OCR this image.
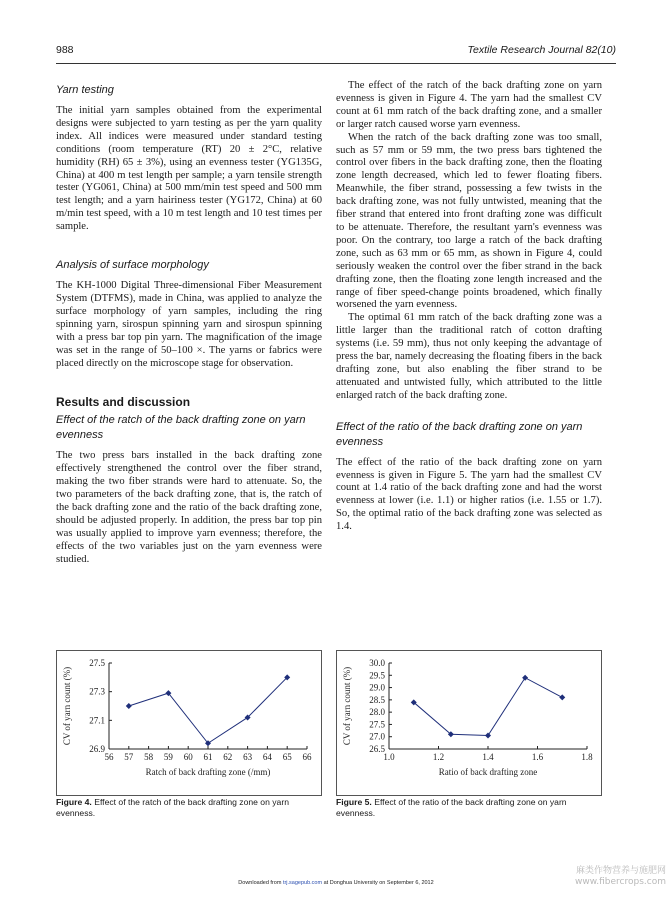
988	Textile Research Journal 82(10)
Yarn testing

The initial yarn samples obtained from the experimental designs were subjected to yarn testing as per the yarn quality index. All indices were measured under standard testing conditions (room temperature (RT) 20 ± 2°C, relative humidity (RH) 65 ± 3%), using an evenness tester (YG135G, China) at 400 m test length per sample; a yarn tensile strength tester (YG061, China) at 500 mm/min test speed and 500 mm test length; and a yarn hairiness tester (YG172, China) at 60 m/min test speed, with a 10 m test length and 10 test times per sample.

Analysis of surface morphology

The KH-1000 Digital Three-dimensional Fiber Measurement System (DTFMS), made in China, was applied to analyze the surface morphology of yarn samples, including the ring spinning yarn, sirospun spinning yarn and sirospun spinning with a press bar top pin yarn. The magnification of the image was set in the range of 50–100 ×. The yarns or fabrics were placed directly on the microscope stage for observation.

Results and discussion
Effect of the ratch of the back drafting zone on yarn evenness

The two press bars installed in the back drafting zone effectively strengthened the control over the fiber strand, making the two fiber strands were hard to attenuate. So, the two parameters of the back drafting zone, that is, the ratch of the back drafting zone and the ratio of the back drafting zone, should be adjusted properly. In addition, the press bar top pin was usually applied to improve yarn evenness; therefore, the effects of the two variables just on the yarn evenness were studied.

The effect of the ratch of the back drafting zone on yarn evenness is given in Figure 4. The yarn had the smallest CV count at 61 mm ratch of the back drafting zone, and a smaller or larger ratch caused worse yarn evenness.

When the ratch of the back drafting zone was too small, such as 57 mm or 59 mm, the two press bars tightened the control over fibers in the back drafting zone, then the floating zone length decreased, which led to fewer floating fibers. Meanwhile, the fiber strand, possessing a few twists in the back drafting zone, was not fully untwisted, meaning that the fiber strand that entered into front drafting zone was difficult to be attenuate. Therefore, the resultant yarn's evenness was poor. On the contrary, too large a ratch of the back drafting zone, such as 63 mm or 65 mm, as shown in Figure 4, could seriously weaken the control over the fiber strand in the back drafting zone, then the floating zone length increased and the range of fiber speed-change points broadened, which finally worsened the yarn evenness.

The optimal 61 mm ratch of the back drafting zone was a little larger than the traditional ratch of cotton drafting systems (i.e. 59 mm), thus not only keeping the advantage of press the bar, namely decreasing the floating fibers in the back drafting zone, but also enabling the fiber strand to be attenuated and untwisted fully, which attributed to the little enlarged ratch of the back drafting zone.

Effect of the ratio of the back drafting zone on yarn evenness

The effect of the ratio of the back drafting zone on yarn evenness is given in Figure 5. The yarn had the smallest CV count at 1.4 ratio of the back drafting zone and had the worst evenness at lower (i.e. 1.1) or higher ratios (i.e. 1.55 or 1.7). So, the optimal ratio of the back drafting zone was selected as 1.4.

26.9
27.1
27.3
27.5
56 57 58 59 60 61 62 63 64 65 66
Ratch of back drafting zone (/mm)
CV of yarn count (%)
Figure 4. Effect of the ratch of the back drafting zone on yarn evenness.
26.5
27.0
27.5
28.0
28.5
29.0
29.5
30.0
1.0	1.2	1.4	1.6	1.8
Ratio of back drafting zone
CV of yarn count (%)
Figure 5. Effect of the ratio of the back drafting zone on yarn evenness.
Downloaded from trj.sagepub.com at Donghua University on September 6, 2012
麻类作物营养与施肥网
www.fibercrops.com
